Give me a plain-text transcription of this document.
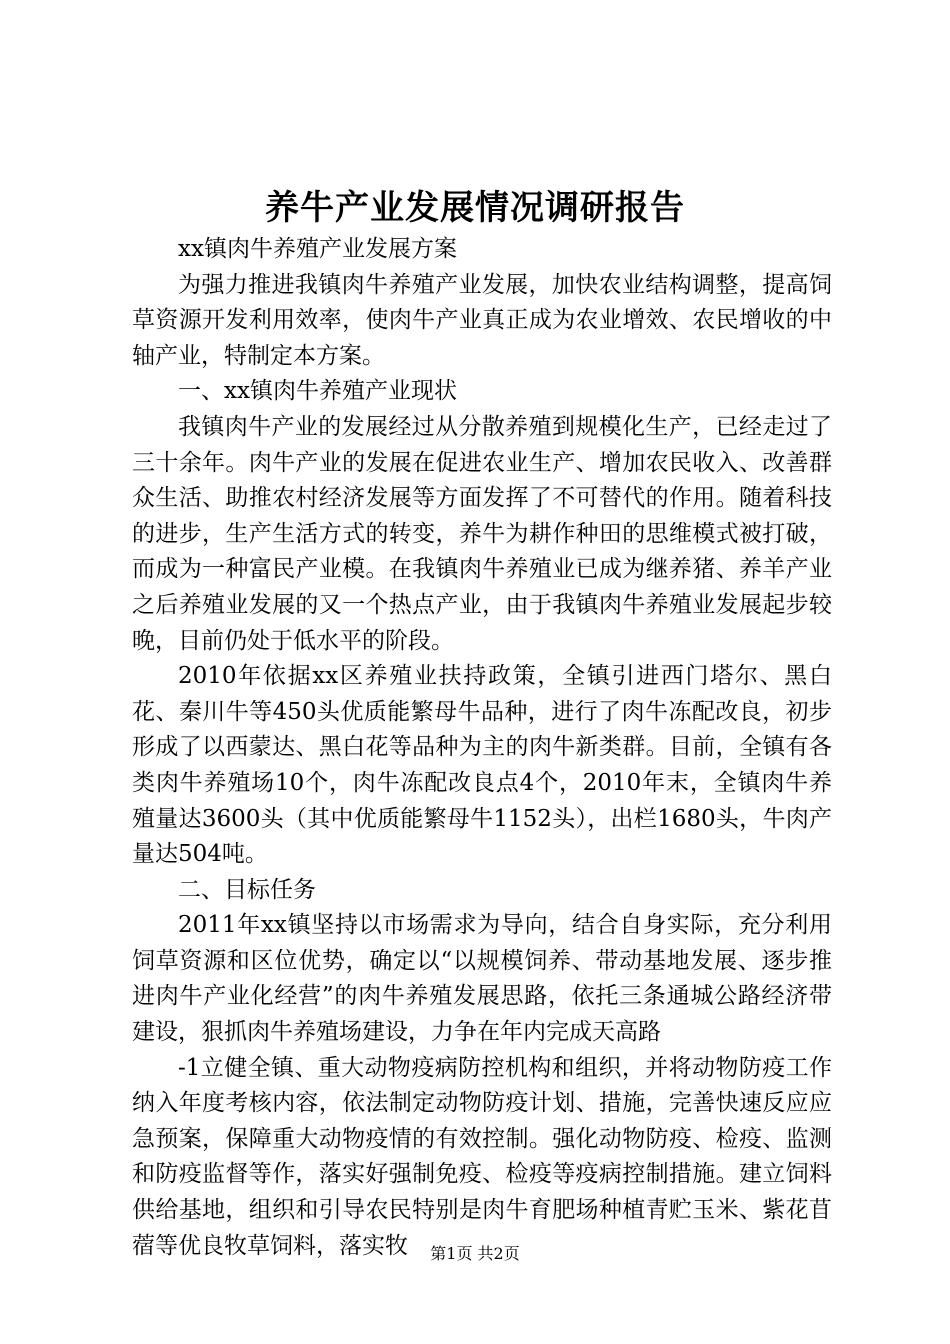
养牛产业发展情况调研报告

xx镇肉牛养殖产业发展方案

为强力推进我镇肉牛养殖产业发展，加快农业结构调整，提高饲草资源开发利用效率，使肉牛产业真正成为农业增效、农民增收的中轴产业，特制定本方案。

一、xx镇肉牛养殖产业现状

我镇肉牛产业的发展经过从分散养殖到规模化生产，已经走过了三十余年。肉牛产业的发展在促进农业生产、增加农民收入、改善群众生活、助推农村经济发展等方面发挥了不可替代的作用。随着科技的进步，生产生活方式的转变，养牛为耕作种田的思维模式被打破，而成为一种富民产业模。在我镇肉牛养殖业已成为继养猪、养羊产业之后养殖业发展的又一个热点产业，由于我镇肉牛养殖业发展起步较晚，目前仍处于低水平的阶段。

2010年依据xx区养殖业扶持政策，全镇引进西门塔尔、黑白花、秦川牛等450头优质能繁母牛品种，进行了肉牛冻配改良，初步形成了以西蒙达、黑白花等品种为主的肉牛新类群。目前，全镇有各类肉牛养殖场10个，肉牛冻配改良点4个，2010年末，全镇肉牛养殖量达3600头（其中优质能繁母牛1152头），出栏1680头，牛肉产量达504吨。

二、目标任务

2011年xx镇坚持以市场需求为导向，结合自身实际，充分利用饲草资源和区位优势，确定以“以规模饲养、带动基地发展、逐步推进肉牛产业化经营”的肉牛养殖发展思路，依托三条通城公路经济带建设，狠抓肉牛养殖场建设，力争在年内完成天高路

-1立健全镇、重大动物疫病防控机构和组织，并将动物防疫工作纳入年度考核内容，依法制定动物防疫计划、措施，完善快速反应应急预案，保障重大动物疫情的有效控制。强化动物防疫、检疫、监测和防疫监督等作，落实好强制免疫、检疫等疫病控制措施。建立饲料供给基地，组织和引导农民特别是肉牛育肥场种植青贮玉米、紫花苜蓿等优良牧草饲料，落实牧	第1页 共2页
